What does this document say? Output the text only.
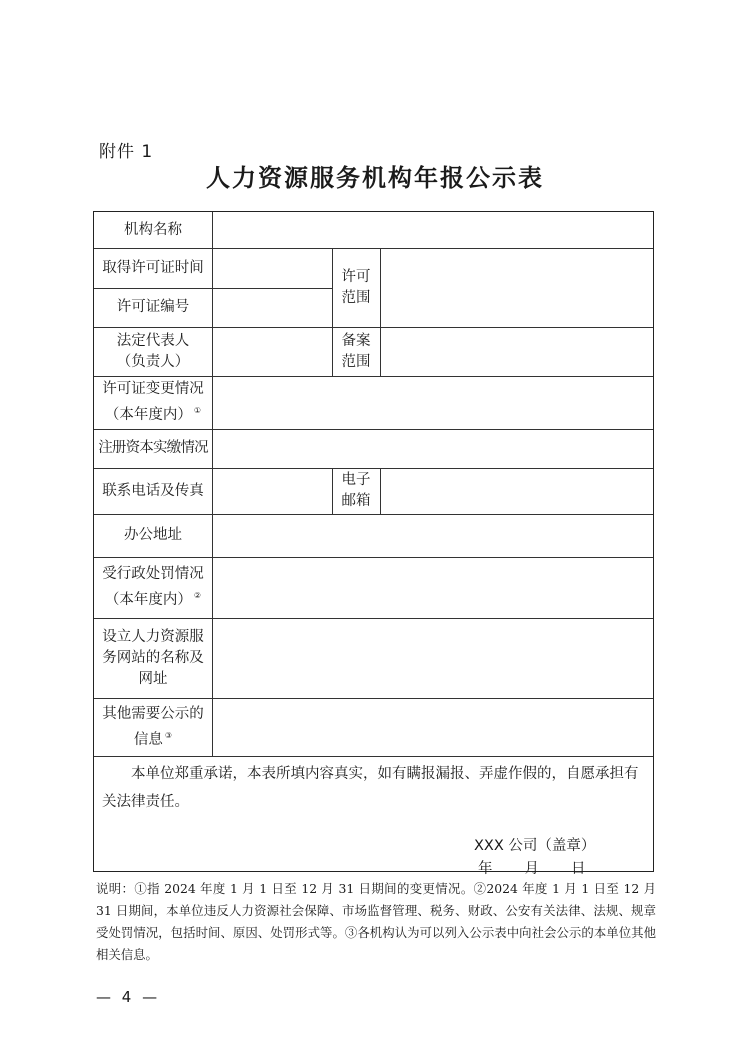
附件 1
人力资源服务机构年报公示表
机构名称
取得许可证时间
许可证编号
许可
范围
法定代表人
（负责人）
备案
范围
许可证变更情况
（本年度内） ①
注册资本实缴情况
联系电话及传真
电子
邮箱
办公地址
受行政处罚情况
（本年度内） ②
设立人力资源服
务网站的名称及
网址
其他需要公示的
信息 ③
本单位郑重承诺，本表所填内容真实，如有瞒报漏报、弄虚作假的，自愿承担有关法律责任。
XXX 公司（盖章）
年　　月　　日
说明：①指 2024 年度 1 月 1 日至 12 月 31 日期间的变更情况。②2024 年度 1 月 1 日至 12 月 31 日期间，本单位违反人力资源社会保障、市场监督管理、税务、财政、公安有关法律、法规、规章受处罚情况，包括时间、原因、处罚形式等。③各机构认为可以列入公示表中向社会公示的本单位其他相关信息。
— 4 —
